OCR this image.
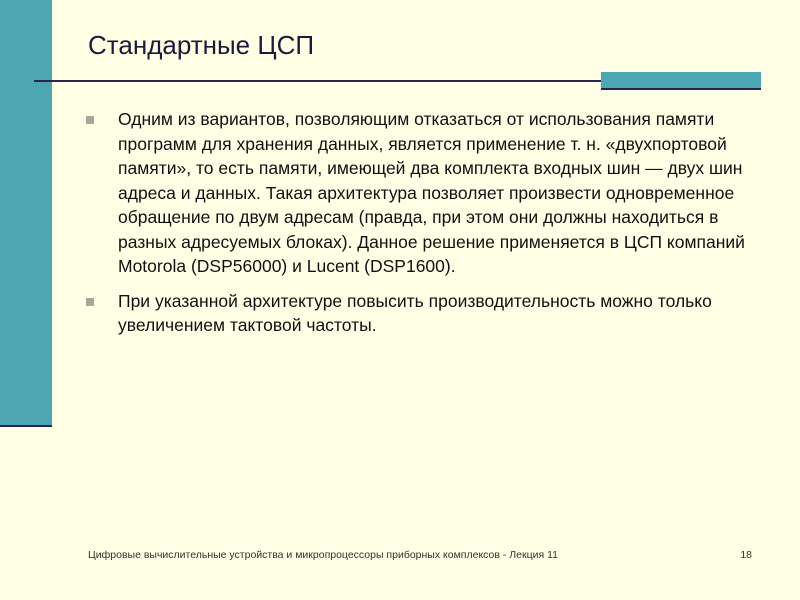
Стандартные ЦСП
Одним из вариантов, позволяющим отказаться от использования памяти программ для хранения данных, является применение т. н. «двухпортовой памяти», то есть памяти, имеющей два комплекта входных шин — двух шин адреса и данных. Такая архитектура позволяет произвести одновременное обращение по двум адресам (правда, при этом они должны находиться в разных адресуемых блоках). Данное решение применяется в ЦСП компаний Motorola (DSP56000) и Lucent (DSP1600).
При указанной архитектуре повысить производительность можно только увеличением тактовой частоты.
Цифровые вычислительные устройства и микропроцессоры приборных комплексов - Лекция 11	18
